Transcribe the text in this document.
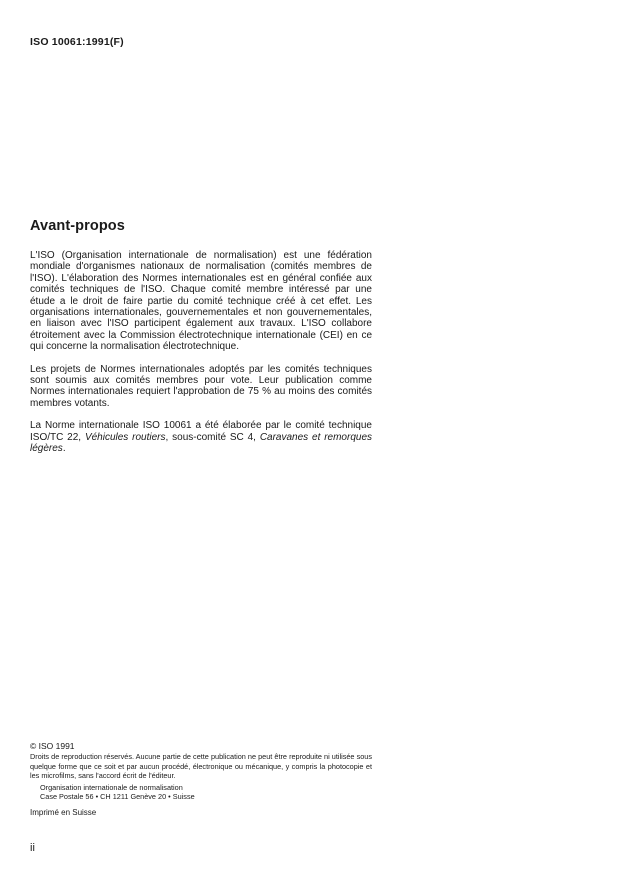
ISO 10061:1991(F)
Avant-propos

L'ISO (Organisation internationale de normalisation) est une fédération mondiale d'organismes nationaux de normalisation (comités membres de l'ISO). L'élaboration des Normes internationales est en général confiée aux comités techniques de l'ISO. Chaque comité membre intéressé par une étude a le droit de faire partie du comité technique créé à cet effet. Les organisations internationales, gouvernementales et non gouvernementales, en liaison avec l'ISO participent également aux travaux. L'ISO collabore étroitement avec la Commission électrotechnique internationale (CEI) en ce qui concerne la normalisation électrotechnique.

Les projets de Normes internationales adoptés par les comités techniques sont soumis aux comités membres pour vote. Leur publication comme Normes internationales requiert l'approbation de 75 % au moins des comités membres votants.

La Norme internationale ISO 10061 a été élaborée par le comité technique ISO/TC 22, Véhicules routiers, sous-comité SC 4, Caravanes et remorques légères.

© ISO 1991
Droits de reproduction réservés. Aucune partie de cette publication ne peut être reproduite ni utilisée sous quelque forme que ce soit et par aucun procédé, électronique ou mécanique, y compris la photocopie et les microfilms, sans l'accord écrit de l'éditeur.
Organisation internationale de normalisation
Case Postale 56 • CH 1211 Genève 20 • Suisse
Imprimé en Suisse
ii
